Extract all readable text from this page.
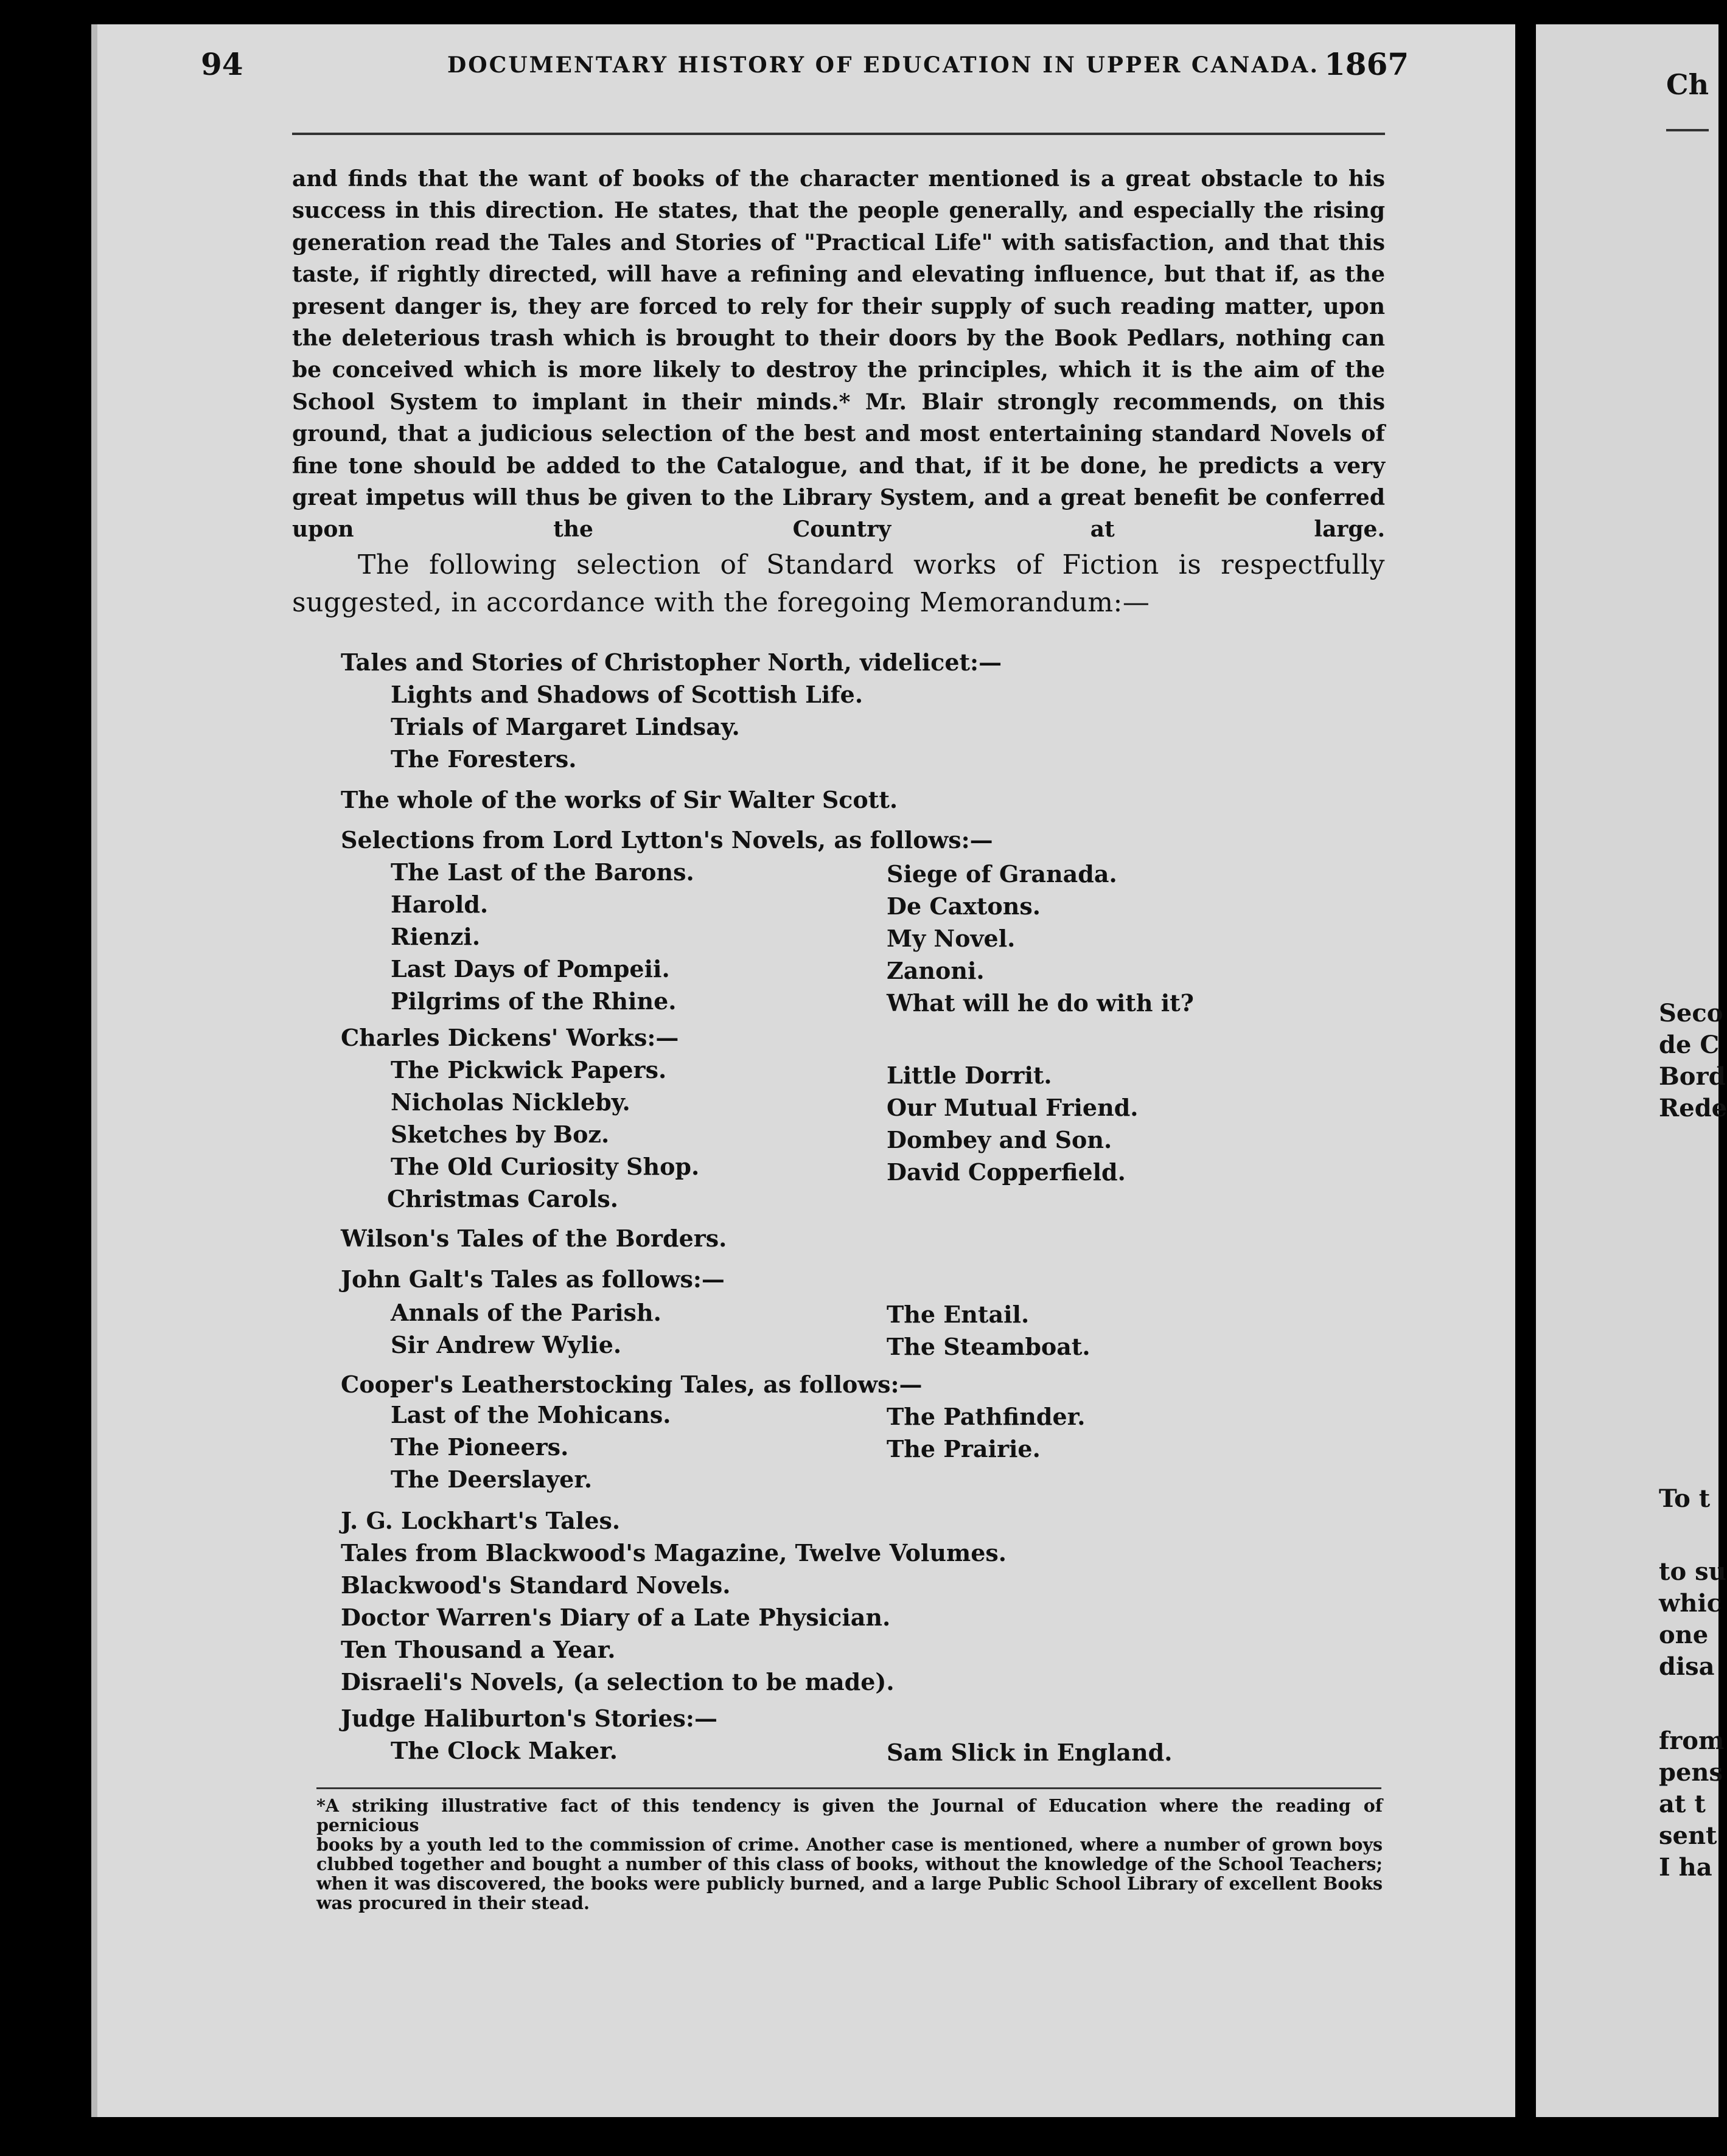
94	DOCUMENTARY HISTORY OF EDUCATION IN UPPER CANADA. 1867
and finds that the want of books of the character mentioned is a great obstacle to his success in this direction. He states, that the people generally, and especially the rising generation read the Tales and Stories of "Practical Life" with satisfaction, and that this taste, if rightly directed, will have a refining and elevating influence, but that if, as the present danger is, they are forced to rely for their supply of such reading matter, upon the deleterious trash which is brought to their doors by the Book Pedlars, nothing can be conceived which is more likely to destroy the principles, which it is the aim of the School System to implant in their minds.* Mr. Blair strongly recommends, on this ground, that a judicious selection of the best and most entertaining standard Novels of fine tone should be added to the Catalogue, and that, if it be done, he predicts a very great impetus will thus be given to the Library System, and a great benefit be conferred upon the Country at large.
The following selection of Standard works of Fiction is respectfully suggested, in accordance with the foregoing Memorandum:—
Tales and Stories of Christopher North, videlicet:—
Lights and Shadows of Scottish Life.
Trials of Margaret Lindsay.
The Foresters.
The whole of the works of Sir Walter Scott.
Selections from Lord Lytton's Novels, as follows:—
The Last of the Barons.
Harold.
Rienzi.
Last Days of Pompeii.
Pilgrims of the Rhine.
Siege of Granada.
De Caxtons.
My Novel.
Zanoni.
What will he do with it?
Charles Dickens' Works:—
The Pickwick Papers.
Nicholas Nickleby.
Sketches by Boz.
The Old Curiosity Shop.
Christmas Carols.
Little Dorrit.
Our Mutual Friend.
Dombey and Son.
David Copperfield.
Wilson's Tales of the Borders.
John Galt's Tales as follows:—
Annals of the Parish.
Sir Andrew Wylie.
The Entail.
The Steamboat.
Cooper's Leatherstocking Tales, as follows:—
Last of the Mohicans.
The Pioneers.
The Deerslayer.
The Pathfinder.
The Prairie.
J. G. Lockhart's Tales.
Tales from Blackwood's Magazine, Twelve Volumes.
Blackwood's Standard Novels.
Doctor Warren's Diary of a Late Physician.
Ten Thousand a Year.
Disraeli's Novels, (a selection to be made).
Judge Haliburton's Stories:—
The Clock Maker.	Sam Slick in England.
*A striking illustrative fact of this tendency is given the Journal of Education where the reading of pernicious
books by a youth led to the commission of crime. Another case is mentioned, where a number of grown boys
clubbed together and bought a number of this class of books, without the knowledge of the School Teachers;
when it was discovered, the books were publicly burned, and a large Public School Library of excellent Books
was procured in their stead.
Ch
Seco
de C
Bord
Rede
To t
to su
whic
one
disa
from
pens
at t
sent
I ha
